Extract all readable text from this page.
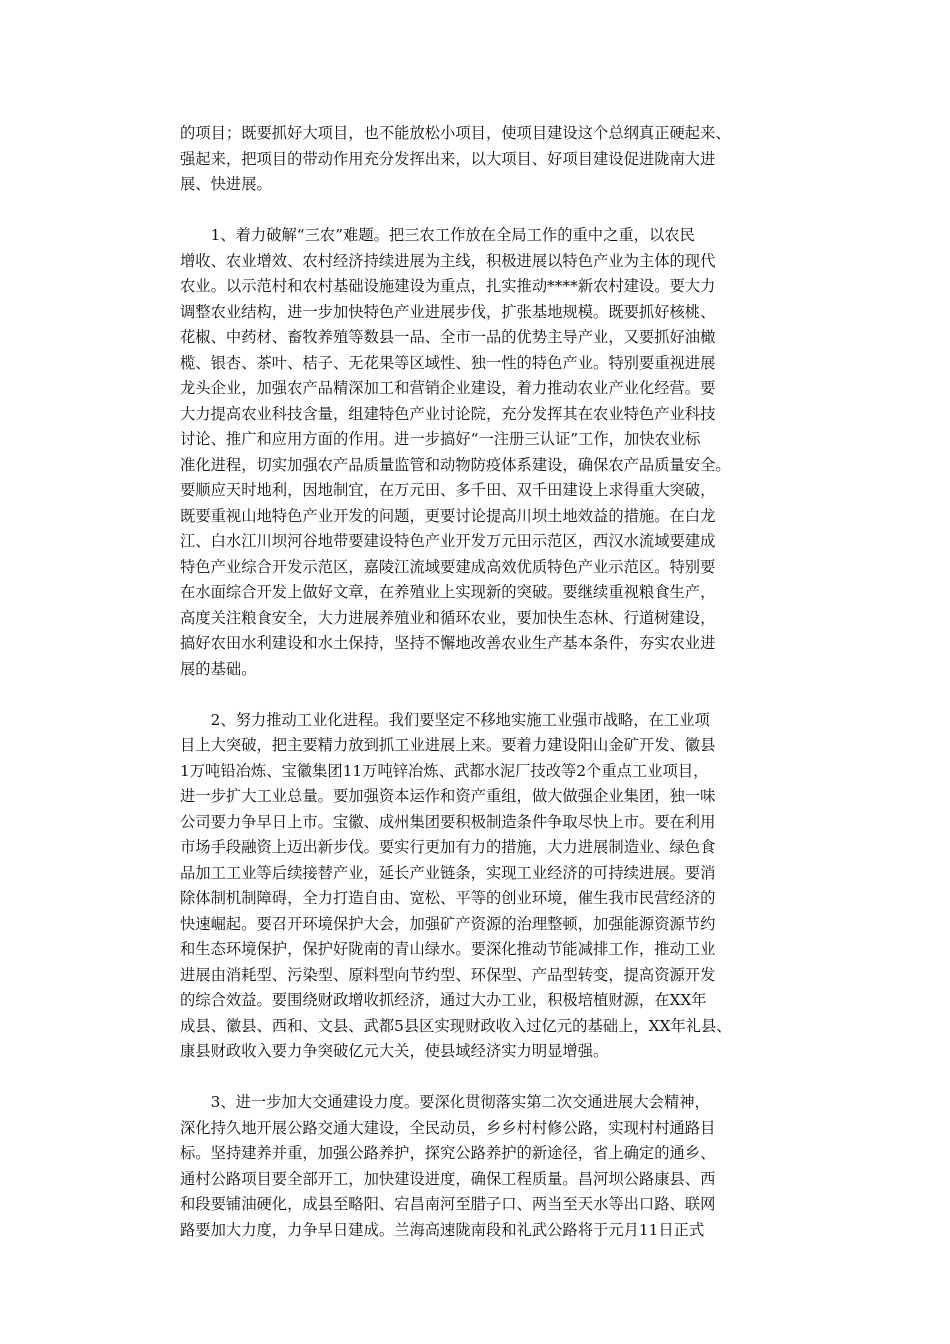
的项目；既要抓好大项目，也不能放松小项目，使项目建设这个总纲真正硬起来、
强起来，把项目的带动作用充分发挥出来，以大项目、好项目建设促进陇南大进
展、快进展。
1、着力破解“三农”难题。把三农工作放在全局工作的重中之重，以农民
增收、农业增效、农村经济持续进展为主线，积极进展以特色产业为主体的现代
农业。以示范村和农村基础设施建设为重点，扎实推动****新农村建设。要大力
调整农业结构，进一步加快特色产业进展步伐，扩张基地规模。既要抓好核桃、
花椒、中药材、畜牧养殖等数县一品、全市一品的优势主导产业，又要抓好油橄
榄、银杏、茶叶、桔子、无花果等区域性、独一性的特色产业。特别要重视进展
龙头企业，加强农产品精深加工和营销企业建设，着力推动农业产业化经营。要
大力提高农业科技含量，组建特色产业讨论院，充分发挥其在农业特色产业科技
讨论、推广和应用方面的作用。进一步搞好“一注册三认证”工作，加快农业标
准化进程，切实加强农产品质量监管和动物防疫体系建设，确保农产品质量安全。
要顺应天时地利，因地制宜，在万元田、多千田、双千田建设上求得重大突破，
既要重视山地特色产业开发的问题，更要讨论提高川坝土地效益的措施。在白龙
江、白水江川坝河谷地带要建设特色产业开发万元田示范区，西汉水流域要建成
特色产业综合开发示范区，嘉陵江流域要建成高效优质特色产业示范区。特别要
在水面综合开发上做好文章，在养殖业上实现新的突破。要继续重视粮食生产，
高度关注粮食安全，大力进展养殖业和循环农业，要加快生态林、行道树建设，
搞好农田水利建设和水土保持，坚持不懈地改善农业生产基本条件，夯实农业进
展的基础。
2、努力推动工业化进程。我们要坚定不移地实施工业强市战略，在工业项
目上大突破，把主要精力放到抓工业进展上来。要着力建设阳山金矿开发、徽县
1万吨铅冶炼、宝徽集团11万吨锌冶炼、武都水泥厂技改等2个重点工业项目，
进一步扩大工业总量。要加强资本运作和资产重组，做大做强企业集团，独一味
公司要力争早日上市。宝徽、成州集团要积极制造条件争取尽快上市。要在利用
市场手段融资上迈出新步伐。要实行更加有力的措施，大力进展制造业、绿色食
品加工工业等后续接替产业，延长产业链条，实现工业经济的可持续进展。要消
除体制机制障碍，全力打造自由、宽松、平等的创业环境，催生我市民营经济的
快速崛起。要召开环境保护大会，加强矿产资源的治理整顿，加强能源资源节约
和生态环境保护，保护好陇南的青山绿水。要深化推动节能减排工作，推动工业
进展由消耗型、污染型、原料型向节约型、环保型、产品型转变，提高资源开发
的综合效益。要围绕财政增收抓经济，通过大办工业，积极培植财源，在XX年
成县、徽县、西和、文县、武都5县区实现财政收入过亿元的基础上，XX年礼县、
康县财政收入要力争突破亿元大关，使县域经济实力明显增强。
3、进一步加大交通建设力度。要深化贯彻落实第二次交通进展大会精神，
深化持久地开展公路交通大建设，全民动员，乡乡村村修公路，实现村村通路目
标。坚持建养并重，加强公路养护，探究公路养护的新途径，省上确定的通乡、
通村公路项目要全部开工，加快建设进度，确保工程质量。昌河坝公路康县、西
和段要铺油硬化，成县至略阳、宕昌南河至腊子口、两当至天水等出口路、联网
路要加大力度，力争早日建成。兰海高速陇南段和礼武公路将于元月11日正式
